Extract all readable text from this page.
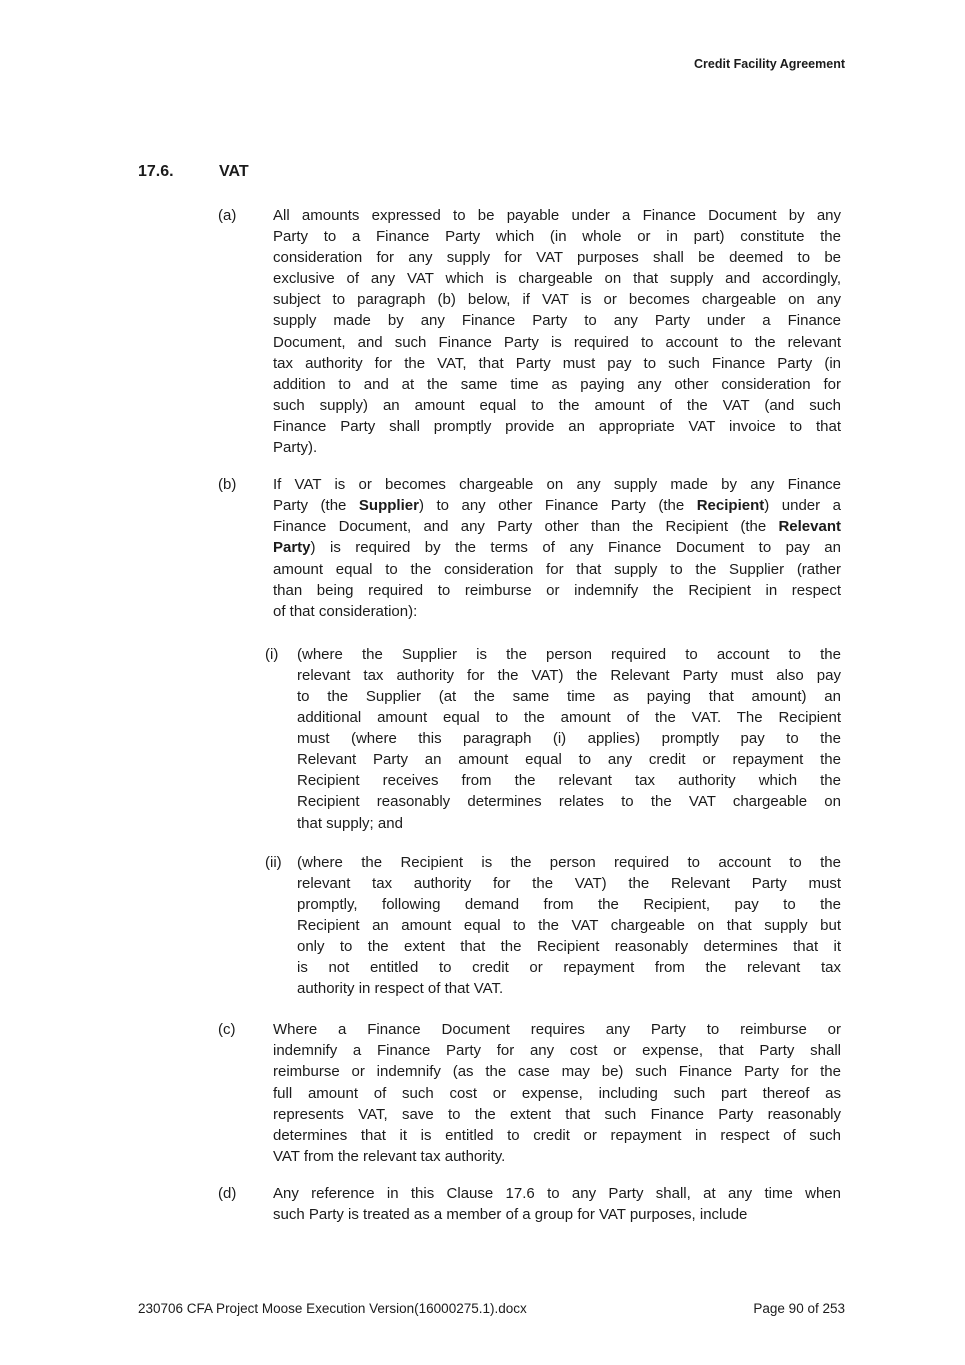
Credit Facility Agreement
17.6.	VAT
(a) All amounts expressed to be payable under a Finance Document by any
Party to a Finance Party which (in whole or in part) constitute the
consideration for any supply for VAT purposes shall be deemed to be
exclusive of any VAT which is chargeable on that supply and accordingly,
subject to paragraph (b) below, if VAT is or becomes chargeable on any
supply made by any Finance Party to any Party under a Finance
Document, and such Finance Party is required to account to the relevant
tax authority for the VAT, that Party must pay to such Finance Party (in
addition to and at the same time as paying any other consideration for
such supply) an amount equal to the amount of the VAT (and such
Finance Party shall promptly provide an appropriate VAT invoice to that
Party).
(b) If VAT is or becomes chargeable on any supply made by any Finance
Party (the Supplier) to any other Finance Party (the Recipient) under a
Finance Document, and any Party other than the Recipient (the Relevant
Party) is required by the terms of any Finance Document to pay an
amount equal to the consideration for that supply to the Supplier (rather
than being required to reimburse or indemnify the Recipient in respect
of that consideration):
(i) (where the Supplier is the person required to account to the
relevant tax authority for the VAT) the Relevant Party must also pay
to the Supplier (at the same time as paying that amount) an
additional amount equal to the amount of the VAT. The Recipient
must (where this paragraph (i) applies) promptly pay to the
Relevant Party an amount equal to any credit or repayment the
Recipient receives from the relevant tax authority which the
Recipient reasonably determines relates to the VAT chargeable on
that supply; and
(ii) (where the Recipient is the person required to account to the
relevant tax authority for the VAT) the Relevant Party must
promptly, following demand from the Recipient, pay to the
Recipient an amount equal to the VAT chargeable on that supply but
only to the extent that the Recipient reasonably determines that it
is not entitled to credit or repayment from the relevant tax
authority in respect of that VAT.
(c)	Where a Finance Document requires any Party to reimburse or
indemnify a Finance Party for any cost or expense, that Party shall
reimburse or indemnify (as the case may be) such Finance Party for the
full amount of such cost or expense, including such part thereof as
represents VAT, save to the extent that such Finance Party reasonably
determines that it is entitled to credit or repayment in respect of such
VAT from the relevant tax authority.
(d) Any reference in this Clause 17.6 to any Party shall, at any time when
such Party is treated as a member of a group for VAT purposes, include
230706 CFA Project Moose Execution Version(16000275.1).docx	Page 90 of 253
